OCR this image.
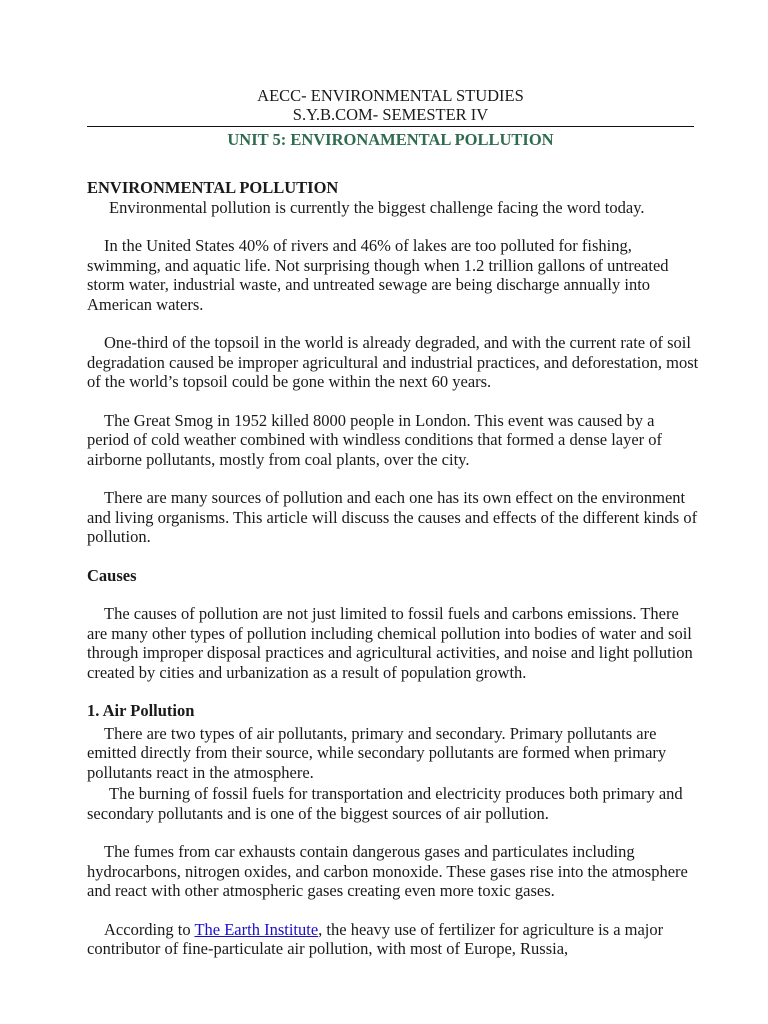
AECC- ENVIRONMENTAL STUDIES
S.Y.B.COM- SEMESTER IV
UNIT 5: ENVIRONAMENTAL POLLUTION

ENVIRONMENTAL POLLUTION

Environmental pollution is currently the biggest challenge facing the word today.

In the United States 40% of rivers and 46% of lakes are too polluted for fishing, swimming, and aquatic life. Not surprising though when 1.2 trillion gallons of untreated storm water, industrial waste, and untreated sewage are being discharge annually into American waters.

One-third of the topsoil in the world is already degraded, and with the current rate of soil degradation caused be improper agricultural and industrial practices, and deforestation, most of the world’s topsoil could be gone within the next 60 years.

The Great Smog in 1952 killed 8000 people in London. This event was caused by a period of cold weather combined with windless conditions that formed a dense layer of airborne pollutants, mostly from coal plants, over the city.

There are many sources of pollution and each one has its own effect on the environment and living organisms. This article will discuss the causes and effects of the different kinds of pollution.

Causes

The causes of pollution are not just limited to fossil fuels and carbons emissions. There are many other types of pollution including chemical pollution into bodies of water and soil through improper disposal practices and agricultural activities, and noise and light pollution created by cities and urbanization as a result of population growth.

1. Air Pollution

There are two types of air pollutants, primary and secondary. Primary pollutants are emitted directly from their source, while secondary pollutants are formed when primary pollutants react in the atmosphere.

The burning of fossil fuels for transportation and electricity produces both primary and secondary pollutants and is one of the biggest sources of air pollution.

The fumes from car exhausts contain dangerous gases and particulates including hydrocarbons, nitrogen oxides, and carbon monoxide. These gases rise into the atmosphere and react with other atmospheric gases creating even more toxic gases.

According to The Earth Institute, the heavy use of fertilizer for agriculture is a major contributor of fine-particulate air pollution, with most of Europe, Russia,
